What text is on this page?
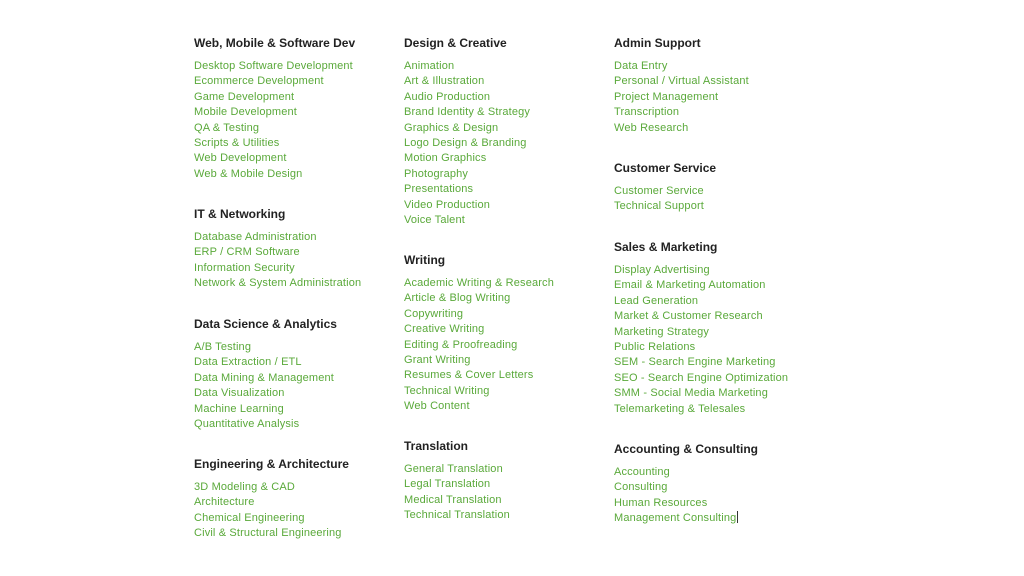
Web, Mobile & Software Dev
Desktop Software Development
Ecommerce Development
Game Development
Mobile Development
QA & Testing
Scripts & Utilities
Web Development
Web & Mobile Design
IT & Networking
Database Administration
ERP / CRM Software
Information Security
Network & System Administration
Data Science & Analytics
A/B Testing
Data Extraction / ETL
Data Mining & Management
Data Visualization
Machine Learning
Quantitative Analysis
Engineering & Architecture
3D Modeling & CAD
Architecture
Chemical Engineering
Civil & Structural Engineering
Design & Creative
Animation
Art & Illustration
Audio Production
Brand Identity & Strategy
Graphics & Design
Logo Design & Branding
Motion Graphics
Photography
Presentations
Video Production
Voice Talent
Writing
Academic Writing & Research
Article & Blog Writing
Copywriting
Creative Writing
Editing & Proofreading
Grant Writing
Resumes & Cover Letters
Technical Writing
Web Content
Translation
General Translation
Legal Translation
Medical Translation
Technical Translation
Admin Support
Data Entry
Personal / Virtual Assistant
Project Management
Transcription
Web Research
Customer Service
Customer Service
Technical Support
Sales & Marketing
Display Advertising
Email & Marketing Automation
Lead Generation
Market & Customer Research
Marketing Strategy
Public Relations
SEM - Search Engine Marketing
SEO - Search Engine Optimization
SMM - Social Media Marketing
Telemarketing & Telesales
Accounting & Consulting
Accounting
Consulting
Human Resources
Management Consulting
